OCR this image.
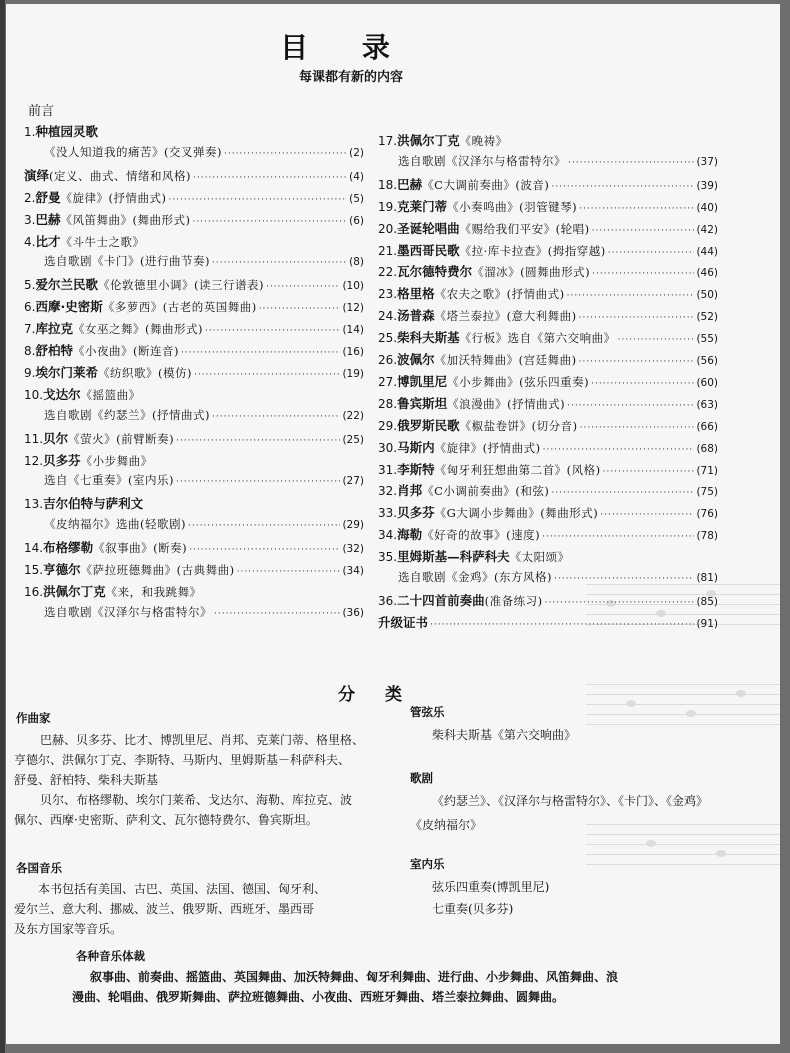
目 录
每课都有新的内容
前言
1.种植园灵歌
《没人知道我的痛苦》(交叉弹奏) ·····	(2)
演绎(定义、曲式、情绪和风格) ·····	(4)
2.舒曼《旋律》(抒情曲式) ·····	(5)
3.巴赫《风笛舞曲》(舞曲形式) ·····	(6)
4.比才《斗牛士之歌》
选自歌剧《卡门》(进行曲节奏) ·····	(8)
5.爱尔兰民歌《伦敦德里小调》(读三行谱表) ·····	(10)
6.西摩·史密斯《多萝西》(古老的英国舞曲) ·····	(12)
7.库拉克《女巫之舞》(舞曲形式) ·····	(14)
8.舒柏特《小夜曲》(断连音) ·····	(16)
9.埃尔门莱希《纺织歌》(模仿) ·····	(19)
10.戈达尔《摇篮曲》
选自歌剧《约瑟兰》(抒情曲式) ·····	(22)
11.贝尔《萤火》(前臂断奏) ·····	(25)
12.贝多芬《小步舞曲》
选自《七重奏》(室内乐) ·····	(27)
13.吉尔伯特与萨利文
《皮纳福尔》选曲(轻歌剧) ·····	(29)
14.布格缪勒《叙事曲》(断奏) ·····	(32)
15.亨德尔《萨拉班德舞曲》(古典舞曲) ·····	(34)
16.洪佩尔丁克《来，和我跳舞》
选自歌剧《汉泽尔与格雷特尔》 ·····	(36)
17.洪佩尔丁克《晚祷》
选自歌剧《汉泽尔与格雷特尔》 ·····	(37)
18.巴赫《C大调前奏曲》(波音) ·····	(39)
19.克莱门蒂《小奏鸣曲》(羽管键琴) ·····	(40)
20.圣诞轮唱曲《赐给我们平安》(轮唱) ·····	(42)
21.墨西哥民歌《拉·库卡拉查》(拇指穿越) ·····	(44)
22.瓦尔德特费尔《溜冰》(圆舞曲形式) ·····	(46)
23.格里格《农夫之歌》(抒情曲式) ·····	(50)
24.汤普森《塔兰泰拉》(意大利舞曲) ·····	(52)
25.柴科夫斯基《行板》选自《第六交响曲》 ·····	(55)
26.波佩尔《加沃特舞曲》(宫廷舞曲) ·····	(56)
27.博凯里尼《小步舞曲》(弦乐四重奏) ·····	(60)
28.鲁宾斯坦《浪漫曲》(抒情曲式) ·····	(63)
29.俄罗斯民歌《椒盐卷饼》(切分音) ·····	(66)
30.马斯内《旋律》(抒情曲式) ·····	(68)
31.李斯特《匈牙利狂想曲第二首》(风格) ·····	(71)
32.肖邦《C小调前奏曲》(和弦) ·····	(75)
33.贝多芬《G大调小步舞曲》(舞曲形式) ·····	(76)
34.海勒《好奇的故事》(速度) ·····	(78)
35.里姆斯基—科萨科夫《太阳颂》
选自歌剧《金鸡》(东方风格) ·····	(81)
36.二十四首前奏曲(准备练习) ·····	(85)
升级证书 ·····	(91)
分 类
作曲家
巴赫、贝多芬、比才、博凯里尼、肖邦、克莱门蒂、格里格、
亨德尔、洪佩尔丁克、李斯特、马斯内、里姆斯基－科萨科夫、
舒曼、舒柏特、柴科夫斯基
贝尔、布格缪勒、埃尔门莱希、戈达尔、海勒、库拉克、波
佩尔、西摩·史密斯、萨利文、瓦尔德特费尔、鲁宾斯坦。
各国音乐
本书包括有美国、古巴、英国、法国、德国、匈牙利、
爱尔兰、意大利、挪威、波兰、俄罗斯、西班牙、墨西哥
及东方国家等音乐。
各种音乐体裁
叙事曲、前奏曲、摇篮曲、英国舞曲、加沃特舞曲、匈牙利舞曲、进行曲、小步舞曲、风笛舞曲、浪
漫曲、轮唱曲、俄罗斯舞曲、萨拉班德舞曲、小夜曲、西班牙舞曲、塔兰泰拉舞曲、圆舞曲。
管弦乐
柴科夫斯基《第六交响曲》
歌剧
《约瑟兰》、《汉泽尔与格雷特尔》、《卡门》、《金鸡》
《皮纳福尔》
室内乐
弦乐四重奏(博凯里尼)
七重奏(贝多芬)
